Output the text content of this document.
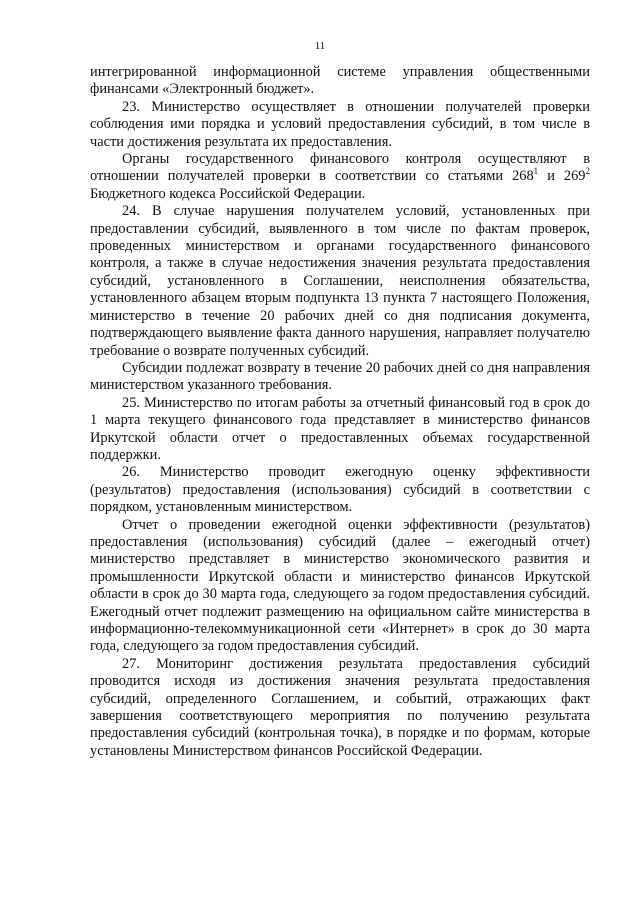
11

интегрированной информационной системе управления общественными финансами «Электронный бюджет».

23. Министерство осуществляет в отношении получателей проверки соблюдения ими порядка и условий предоставления субсидий, в том числе в части достижения результата их предоставления.

Органы государственного финансового контроля осуществляют в отношении получателей проверки в соответствии со статьями $268^1$ и $269^2$ Бюджетного кодекса Российской Федерации.

24. В случае нарушения получателем условий, установленных при предоставлении субсидий, выявленного в том числе по фактам проверок, проведенных министерством и органами государственного финансового контроля, а также в случае недостижения значения результата предоставления субсидий, установленного в Соглашении, неисполнения обязательства, установленного абзацем вторым подпункта 13 пункта 7 настоящего Положения, министерство в течение 20 рабочих дней со дня подписания документа, подтверждающего выявление факта данного нарушения, направляет получателю требование о возврате полученных субсидий.

Субсидии подлежат возврату в течение 20 рабочих дней со дня направления министерством указанного требования.

25. Министерство по итогам работы за отчетный финансовый год в срок до 1 марта текущего финансового года представляет в министерство финансов Иркутской области отчет о предоставленных объемах государственной поддержки.

26. Министерство проводит ежегодную оценку эффективности (результатов) предоставления (использования) субсидий в соответствии с порядком, установленным министерством.

Отчет о проведении ежегодной оценки эффективности (результатов) предоставления (использования) субсидий (далее – ежегодный отчет) министерство представляет в министерство экономического развития и промышленности Иркутской области и министерство финансов Иркутской области в срок до 30 марта года, следующего за годом предоставления субсидий. Ежегодный отчет подлежит размещению на официальном сайте министерства в информационно-телекоммуникационной сети «Интернет» в срок до 30 марта года, следующего за годом предоставления субсидий.

27. Мониторинг достижения результата предоставления субсидий проводится исходя из достижения значения результата предоставления субсидий, определенного Соглашением, и событий, отражающих факт завершения соответствующего мероприятия по получению результата предоставления субсидий (контрольная точка), в порядке и по формам, которые установлены Министерством финансов Российской Федерации.
